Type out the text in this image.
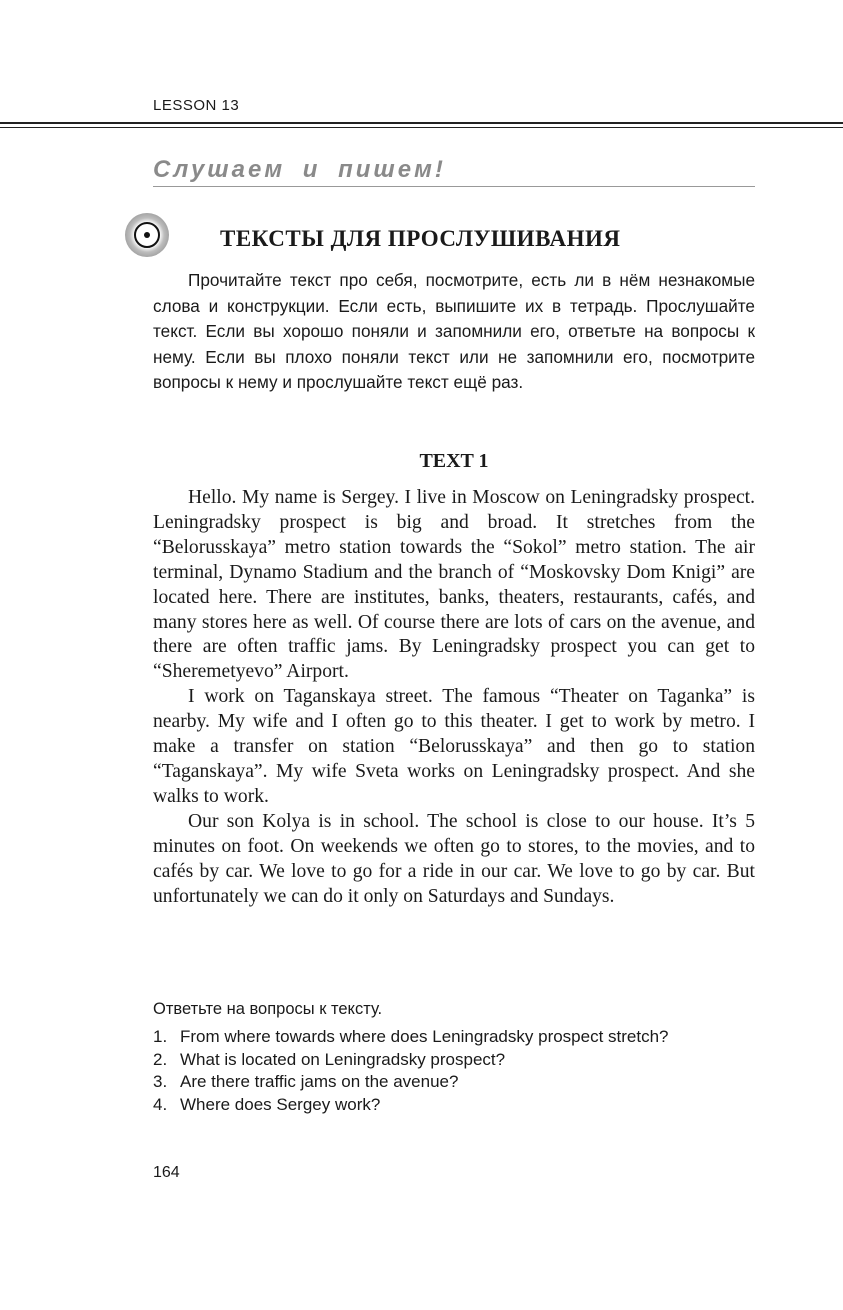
LESSON 13
Слушаем и пишем!
ТЕКСТЫ ДЛЯ ПРОСЛУШИВАНИЯ
Прочитайте текст про себя, посмотрите, есть ли в нём незнакомые слова и конструкции. Если есть, выпишите их в тетрадь. Прослушайте текст. Если вы хорошо поняли и запомнили его, ответьте на вопросы к нему. Если вы плохо поняли текст или не запомнили его, посмотрите вопросы к нему и прослушайте текст ещё раз.
TEXT 1

Hello. My name is Sergey. I live in Moscow on Leningradsky prospect. Leningradsky prospect is big and broad. It stretches from the “Belorusskaya” metro station towards the “Sokol” metro station. The air terminal, Dynamo Stadium and the branch of “Moskovsky Dom Knigi” are located here. There are institutes, banks, theaters, restaurants, cafés, and many stores here as well. Of course there are lots of cars on the avenue, and there are often traffic jams. By Leningradsky prospect you can get to “Sheremetyevo” Airport.

I work on Taganskaya street. The famous “Theater on Taganka” is nearby. My wife and I often go to this theater. I get to work by metro. I make a transfer on station “Belorusskaya” and then go to station “Taganskaya”. My wife Sveta works on Leningradsky prospect. And she walks to work.

Our son Kolya is in school. The school is close to our house. It’s 5 minutes on foot. On weekends we often go to stores, to the movies, and to cafés by car. We love to go for a ride in our car. We love to go by car. But unfortunately we can do it only on Saturdays and Sundays.

Ответьте на вопросы к тексту.
1. From where towards where does Leningradsky prospect stretch?
2. What is located on Leningradsky prospect?
3. Are there traffic jams on the avenue?
4. Where does Sergey work?
164
